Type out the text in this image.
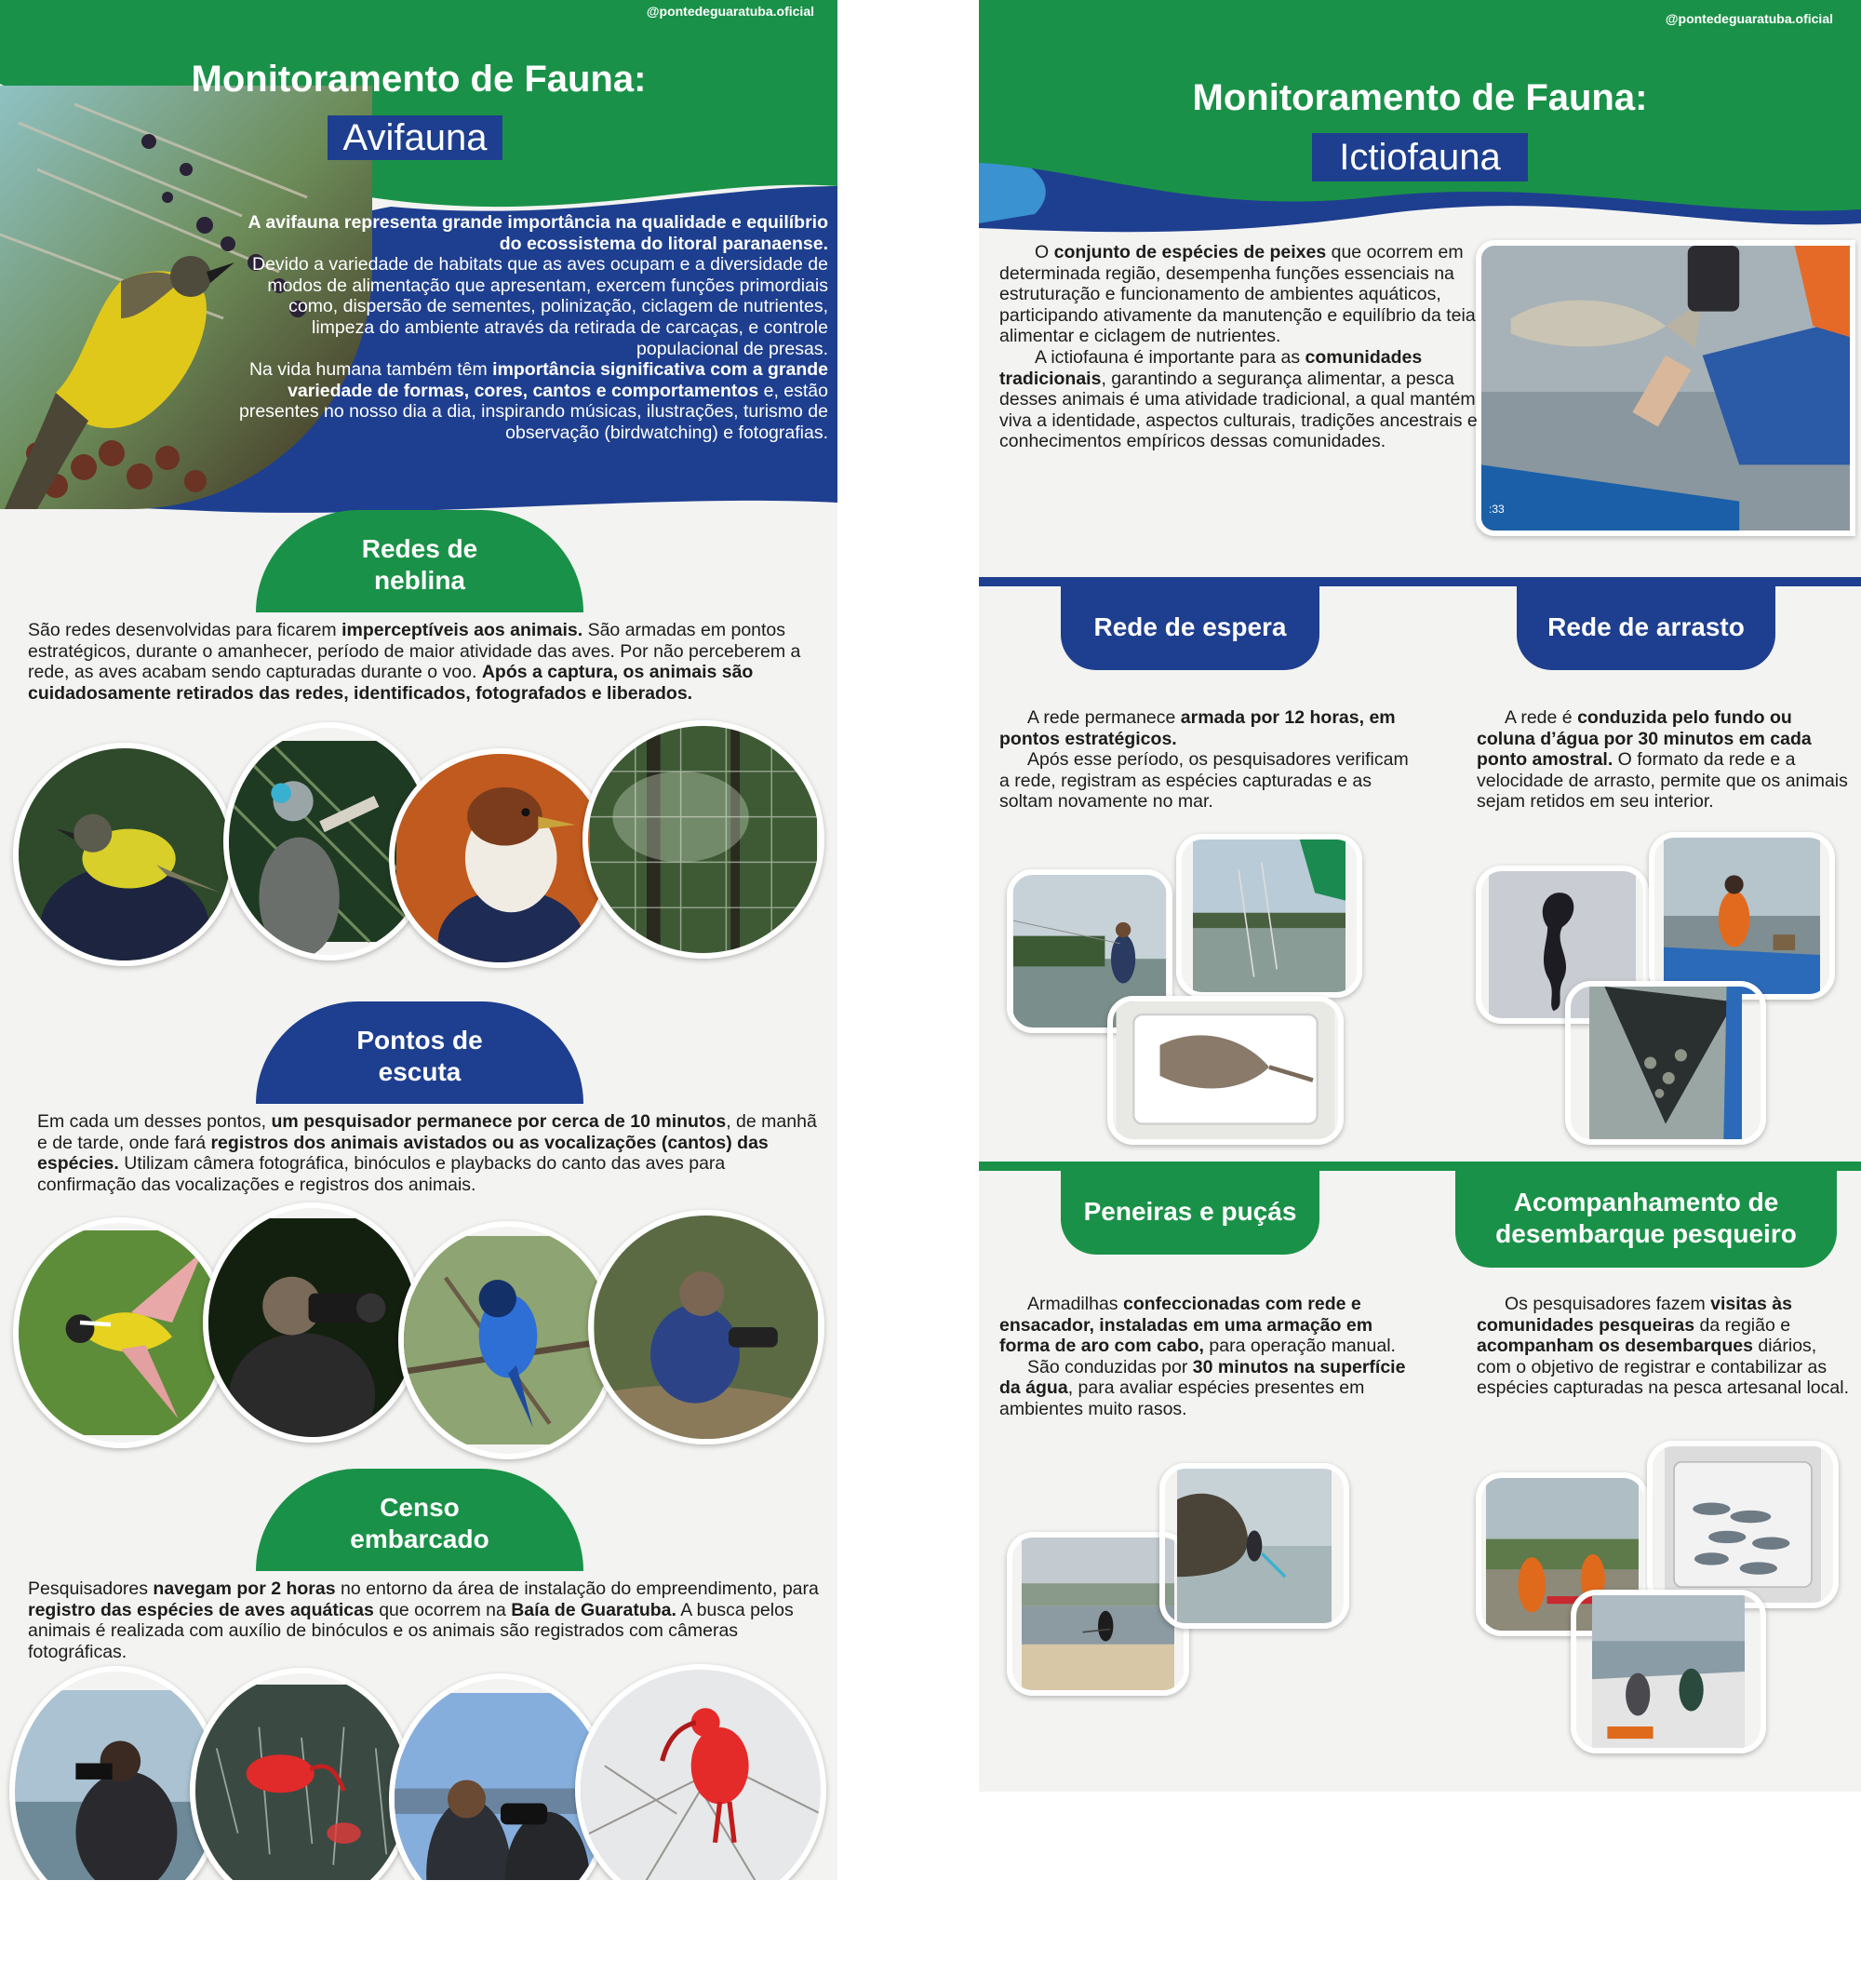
@pontedeguaratuba.oficial
Monitoramento de Fauna:
Avifauna

A avifauna representa grande importância na qualidade e equilíbrio do ecossistema do litoral paranaense.

Devido a variedade de habitats que as aves ocupam e a diversidade de modos de alimentação que apresentam, exercem funções primordiais como, dispersão de sementes, polinização, ciclagem de nutrientes, limpeza do ambiente através da retirada de carcaças, e controle populacional de presas.

Na vida humana também têm importância significativa com a grande variedade de formas, cores, cantos e comportamentos e, estão presentes no nosso dia a dia, inspirando músicas, ilustrações, turismo de observação (birdwatching) e fotografias.

Redes de neblina

São redes desenvolvidas para ficarem imperceptíveis aos animais. São armadas em pontos estratégicos, durante o amanhecer, período de maior atividade das aves. Por não perceberem a rede, as aves acabam sendo capturadas durante o voo. Após a captura, os animais são cuidadosamente retirados das redes, identificados, fotografados e liberados.

Pontos de escuta

Em cada um desses pontos, um pesquisador permanece por cerca de 10 minutos, de manhã e de tarde, onde fará registros dos animais avistados ou as vocalizações (cantos) das espécies. Utilizam câmera fotográfica, binóculos e playbacks do canto das aves para confirmação das vocalizações e registros dos animais.

Censo embarcado

Pesquisadores navegam por 2 horas no entorno da área de instalação do empreendimento, para registro das espécies de aves aquáticas que ocorrem na Baía de Guaratuba. A busca pelos animais é realizada com auxílio de binóculos e os animais são registrados com câmeras fotográficas.

@pontedeguaratuba.oficial
Monitoramento de Fauna:
Ictiofauna

O conjunto de espécies de peixes que ocorrem em determinada região, desempenha funções essenciais na estruturação e funcionamento de ambientes aquáticos, participando ativamente da manutenção e equilíbrio da teia alimentar e ciclagem de nutrientes.

A ictiofauna é importante para as comunidades tradicionais, garantindo a segurança alimentar, a pesca desses animais é uma atividade tradicional, a qual mantém viva a identidade, aspectos culturais, tradições ancestrais e conhecimentos empíricos dessas comunidades.

:33
Rede de espera

A rede permanece armada por 12 horas, em pontos estratégicos.

Após esse período, os pesquisadores verificam a rede, registram as espécies capturadas e as soltam novamente no mar.

Rede de arrasto

A rede é conduzida pelo fundo ou coluna d’água por 30 minutos em cada ponto amostral. O formato da rede e a velocidade de arrasto, permite que os animais sejam retidos em seu interior.

Peneiras e puçás

Armadilhas confeccionadas com rede e ensacador, instaladas em uma armação em forma de aro com cabo, para operação manual.

São conduzidas por 30 minutos na superfície da água, para avaliar espécies presentes em ambientes muito rasos.

Acompanhamento de desembarque pesqueiro

Os pesquisadores fazem visitas às comunidades pesqueiras da região e acompanham os desembarques diários, com o objetivo de registrar e contabilizar as espécies capturadas na pesca artesanal local.
